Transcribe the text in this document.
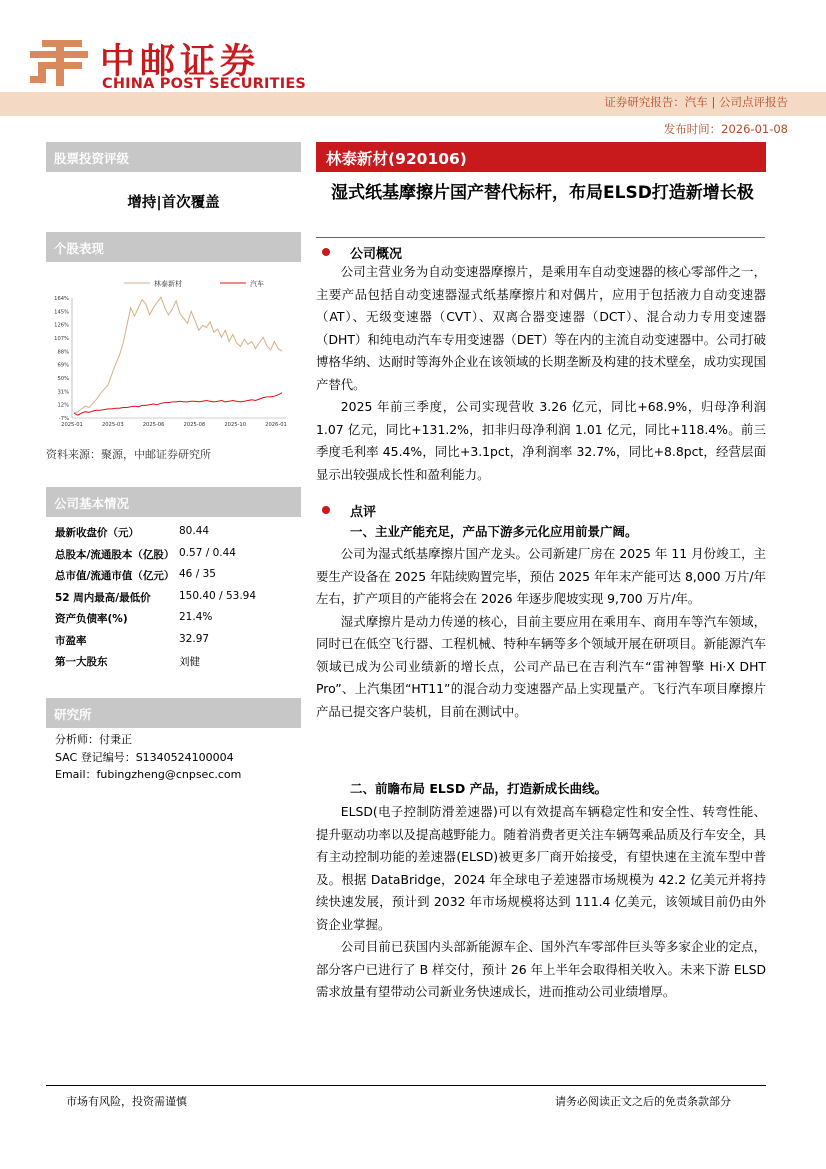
中邮证券
CHINA POST SECURITIES
证券研究报告：汽车 | 公司点评报告
发布时间：2026-01-08
股票投资评级
增持|首次覆盖
个股表现
164%
145%
126%
107%
88%
69%
50%
31%
12%
-7%
2025-01	2025-03	2025-06	2025-08	2025-10	2026-01
林泰新材	汽车
资料来源：聚源，中邮证券研究所
公司基本情况
最新收盘价（元）	80.44
总股本/流通股本（亿股） 0.57 / 0.44
总市值/流通市值（亿元） 46 / 35
52 周内最高/最低价	150.40 / 53.94
资产负债率(%)	21.4%
市盈率	32.97
第一大股东	刘健
研究所
分析师：付秉正
SAC 登记编号：S1340524100004
Email：fubingzheng@cnpsec.com
林泰新材(920106)
湿式纸基摩擦片国产替代标杆，布局ELSD打造新增长极
公司概况

公司主营业务为自动变速器摩擦片，是乘用车自动变速器的核心零部件之一，主要产品包括自动变速器湿式纸基摩擦片和对偶片，应用于包括液力自动变速器（AT）、无级变速器（CVT）、双离合器变速器（DCT）、混合动力专用变速器（DHT）和纯电动汽车专用变速器（DET）等在内的主流自动变速器中。公司打破博格华纳、达耐时等海外企业在该领域的长期垄断及构建的技术壁垒，成功实现国产替代。

2025 年前三季度，公司实现营收 3.26 亿元，同比+68.9%，归母净利润 1.07 亿元，同比+131.2%，扣非归母净利润 1.01 亿元，同比+118.4%。前三季度毛利率 45.4%，同比+3.1pct，净利润率 32.7%，同比+8.8pct，经营层面显示出较强成长性和盈利能力。

点评
一、主业产能充足，产品下游多元化应用前景广阔。

公司为湿式纸基摩擦片国产龙头。公司新建厂房在 2025 年 11 月份竣工，主要生产设备在 2025 年陆续购置完毕，预估 2025 年年末产能可达 8,000 万片/年左右，扩产项目的产能将会在 2026 年逐步爬坡实现 9,700 万片/年。

湿式摩擦片是动力传递的核心，目前主要应用在乘用车、商用车等汽车领域，同时已在低空飞行器、工程机械、特种车辆等多个领域开展在研项目。新能源汽车领域已成为公司业绩新的增长点，公司产品已在吉利汽车“雷神智擎 Hi·X DHT Pro”、上汽集团“HT11”的混合动力变速器产品上实现量产。飞行汽车项目摩擦片产品已提交客户装机，目前在测试中。

二、前瞻布局 ELSD 产品，打造新成长曲线。

ELSD(电子控制防滑差速器)可以有效提高车辆稳定性和安全性、转弯性能、提升驱动功率以及提高越野能力。随着消费者更关注车辆驾乘品质及行车安全，具有主动控制功能的差速器(ELSD)被更多厂商开始接受，有望快速在主流车型中普及。根据 DataBridge，2024 年全球电子差速器市场规模为 42.2 亿美元并将持续快速发展，预计到 2032 年市场规模将达到 111.4 亿美元，该领域目前仍由外资企业掌握。

公司目前已获国内头部新能源车企、国外汽车零部件巨头等多家企业的定点，部分客户已进行了 B 样交付，预计 26 年上半年会取得相关收入。未来下游 ELSD 需求放量有望带动公司新业务快速成长，进而推动公司业绩增厚。

市场有风险，投资需谨慎	请务必阅读正文之后的免责条款部分
